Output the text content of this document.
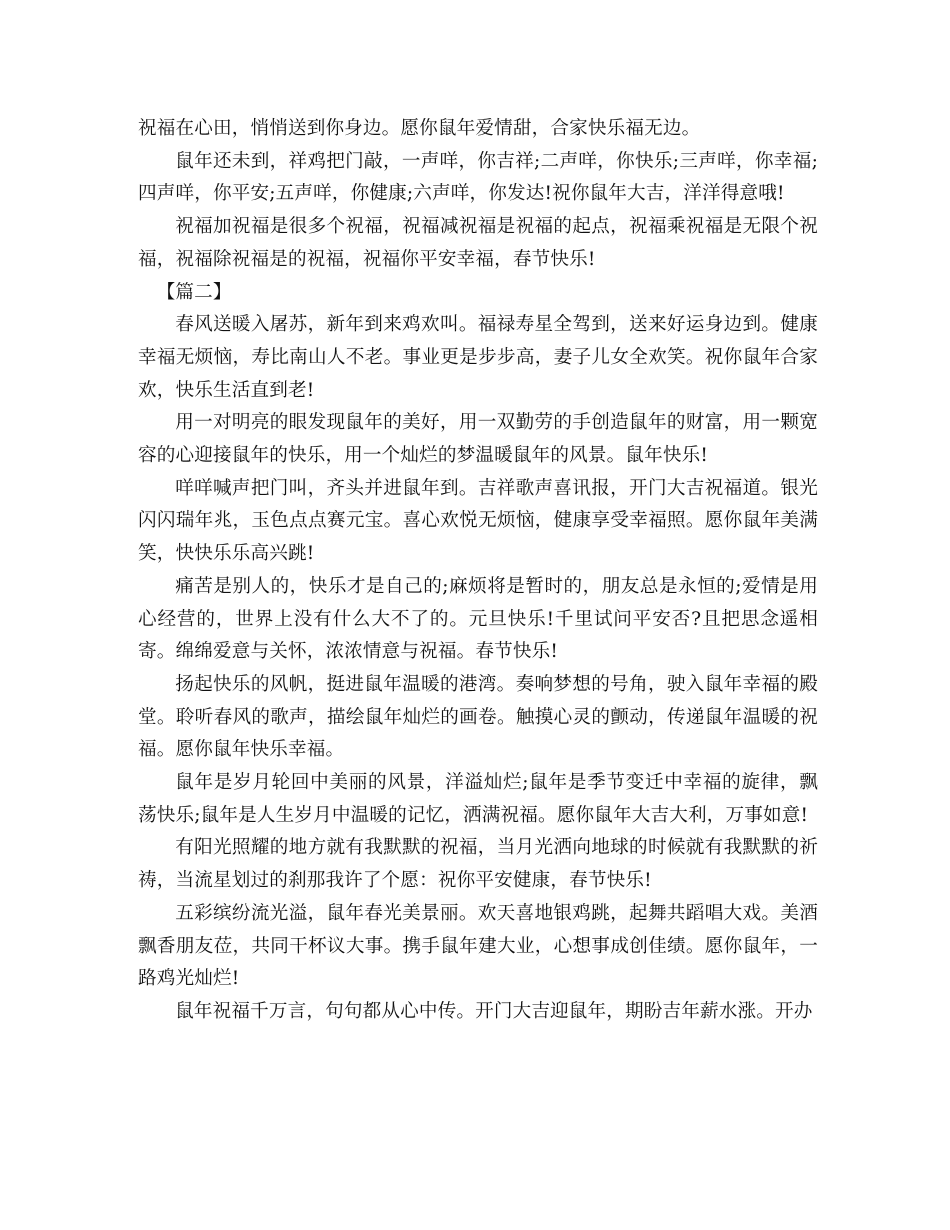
祝福在心田，悄悄送到你身边。愿你鼠年爱情甜，合家快乐福无边。

鼠年还未到，祥鸡把门敲，一声咩，你吉祥;二声咩，你快乐;三声咩，你幸福;四声咩，你平安;五声咩，你健康;六声咩，你发达!祝你鼠年大吉，洋洋得意哦!

祝福加祝福是很多个祝福，祝福减祝福是祝福的起点，祝福乘祝福是无限个祝福，祝福除祝福是的祝福，祝福你平安幸福，春节快乐!

【篇二】

春风送暖入屠苏，新年到来鸡欢叫。福禄寿星全驾到，送来好运身边到。健康幸福无烦恼，寿比南山人不老。事业更是步步高，妻子儿女全欢笑。祝你鼠年合家欢，快乐生活直到老!

用一对明亮的眼发现鼠年的美好，用一双勤劳的手创造鼠年的财富，用一颗宽容的心迎接鼠年的快乐，用一个灿烂的梦温暖鼠年的风景。鼠年快乐!

咩咩喊声把门叫，齐头并进鼠年到。吉祥歌声喜讯报，开门大吉祝福道。银光闪闪瑞年兆，玉色点点赛元宝。喜心欢悦无烦恼，健康享受幸福照。愿你鼠年美满笑，快快乐乐高兴跳!

痛苦是别人的，快乐才是自己的;麻烦将是暂时的，朋友总是永恒的;爱情是用心经营的，世界上没有什么大不了的。元旦快乐!千里试问平安否?且把思念遥相寄。绵绵爱意与关怀，浓浓情意与祝福。春节快乐!

扬起快乐的风帆，挺进鼠年温暖的港湾。奏响梦想的号角，驶入鼠年幸福的殿堂。聆听春风的歌声，描绘鼠年灿烂的画卷。触摸心灵的颤动，传递鼠年温暖的祝福。愿你鼠年快乐幸福。

鼠年是岁月轮回中美丽的风景，洋溢灿烂;鼠年是季节变迁中幸福的旋律，飘荡快乐;鼠年是人生岁月中温暖的记忆，洒满祝福。愿你鼠年大吉大利，万事如意!

有阳光照耀的地方就有我默默的祝福，当月光洒向地球的时候就有我默默的祈祷，当流星划过的刹那我许了个愿：祝你平安健康，春节快乐!

五彩缤纷流光溢，鼠年春光美景丽。欢天喜地银鸡跳，起舞共蹈唱大戏。美酒飘香朋友莅，共同干杯议大事。携手鼠年建大业，心想事成创佳绩。愿你鼠年，一路鸡光灿烂!

鼠年祝福千万言，句句都从心中传。开门大吉迎鼠年，期盼吉年薪水涨。开办
